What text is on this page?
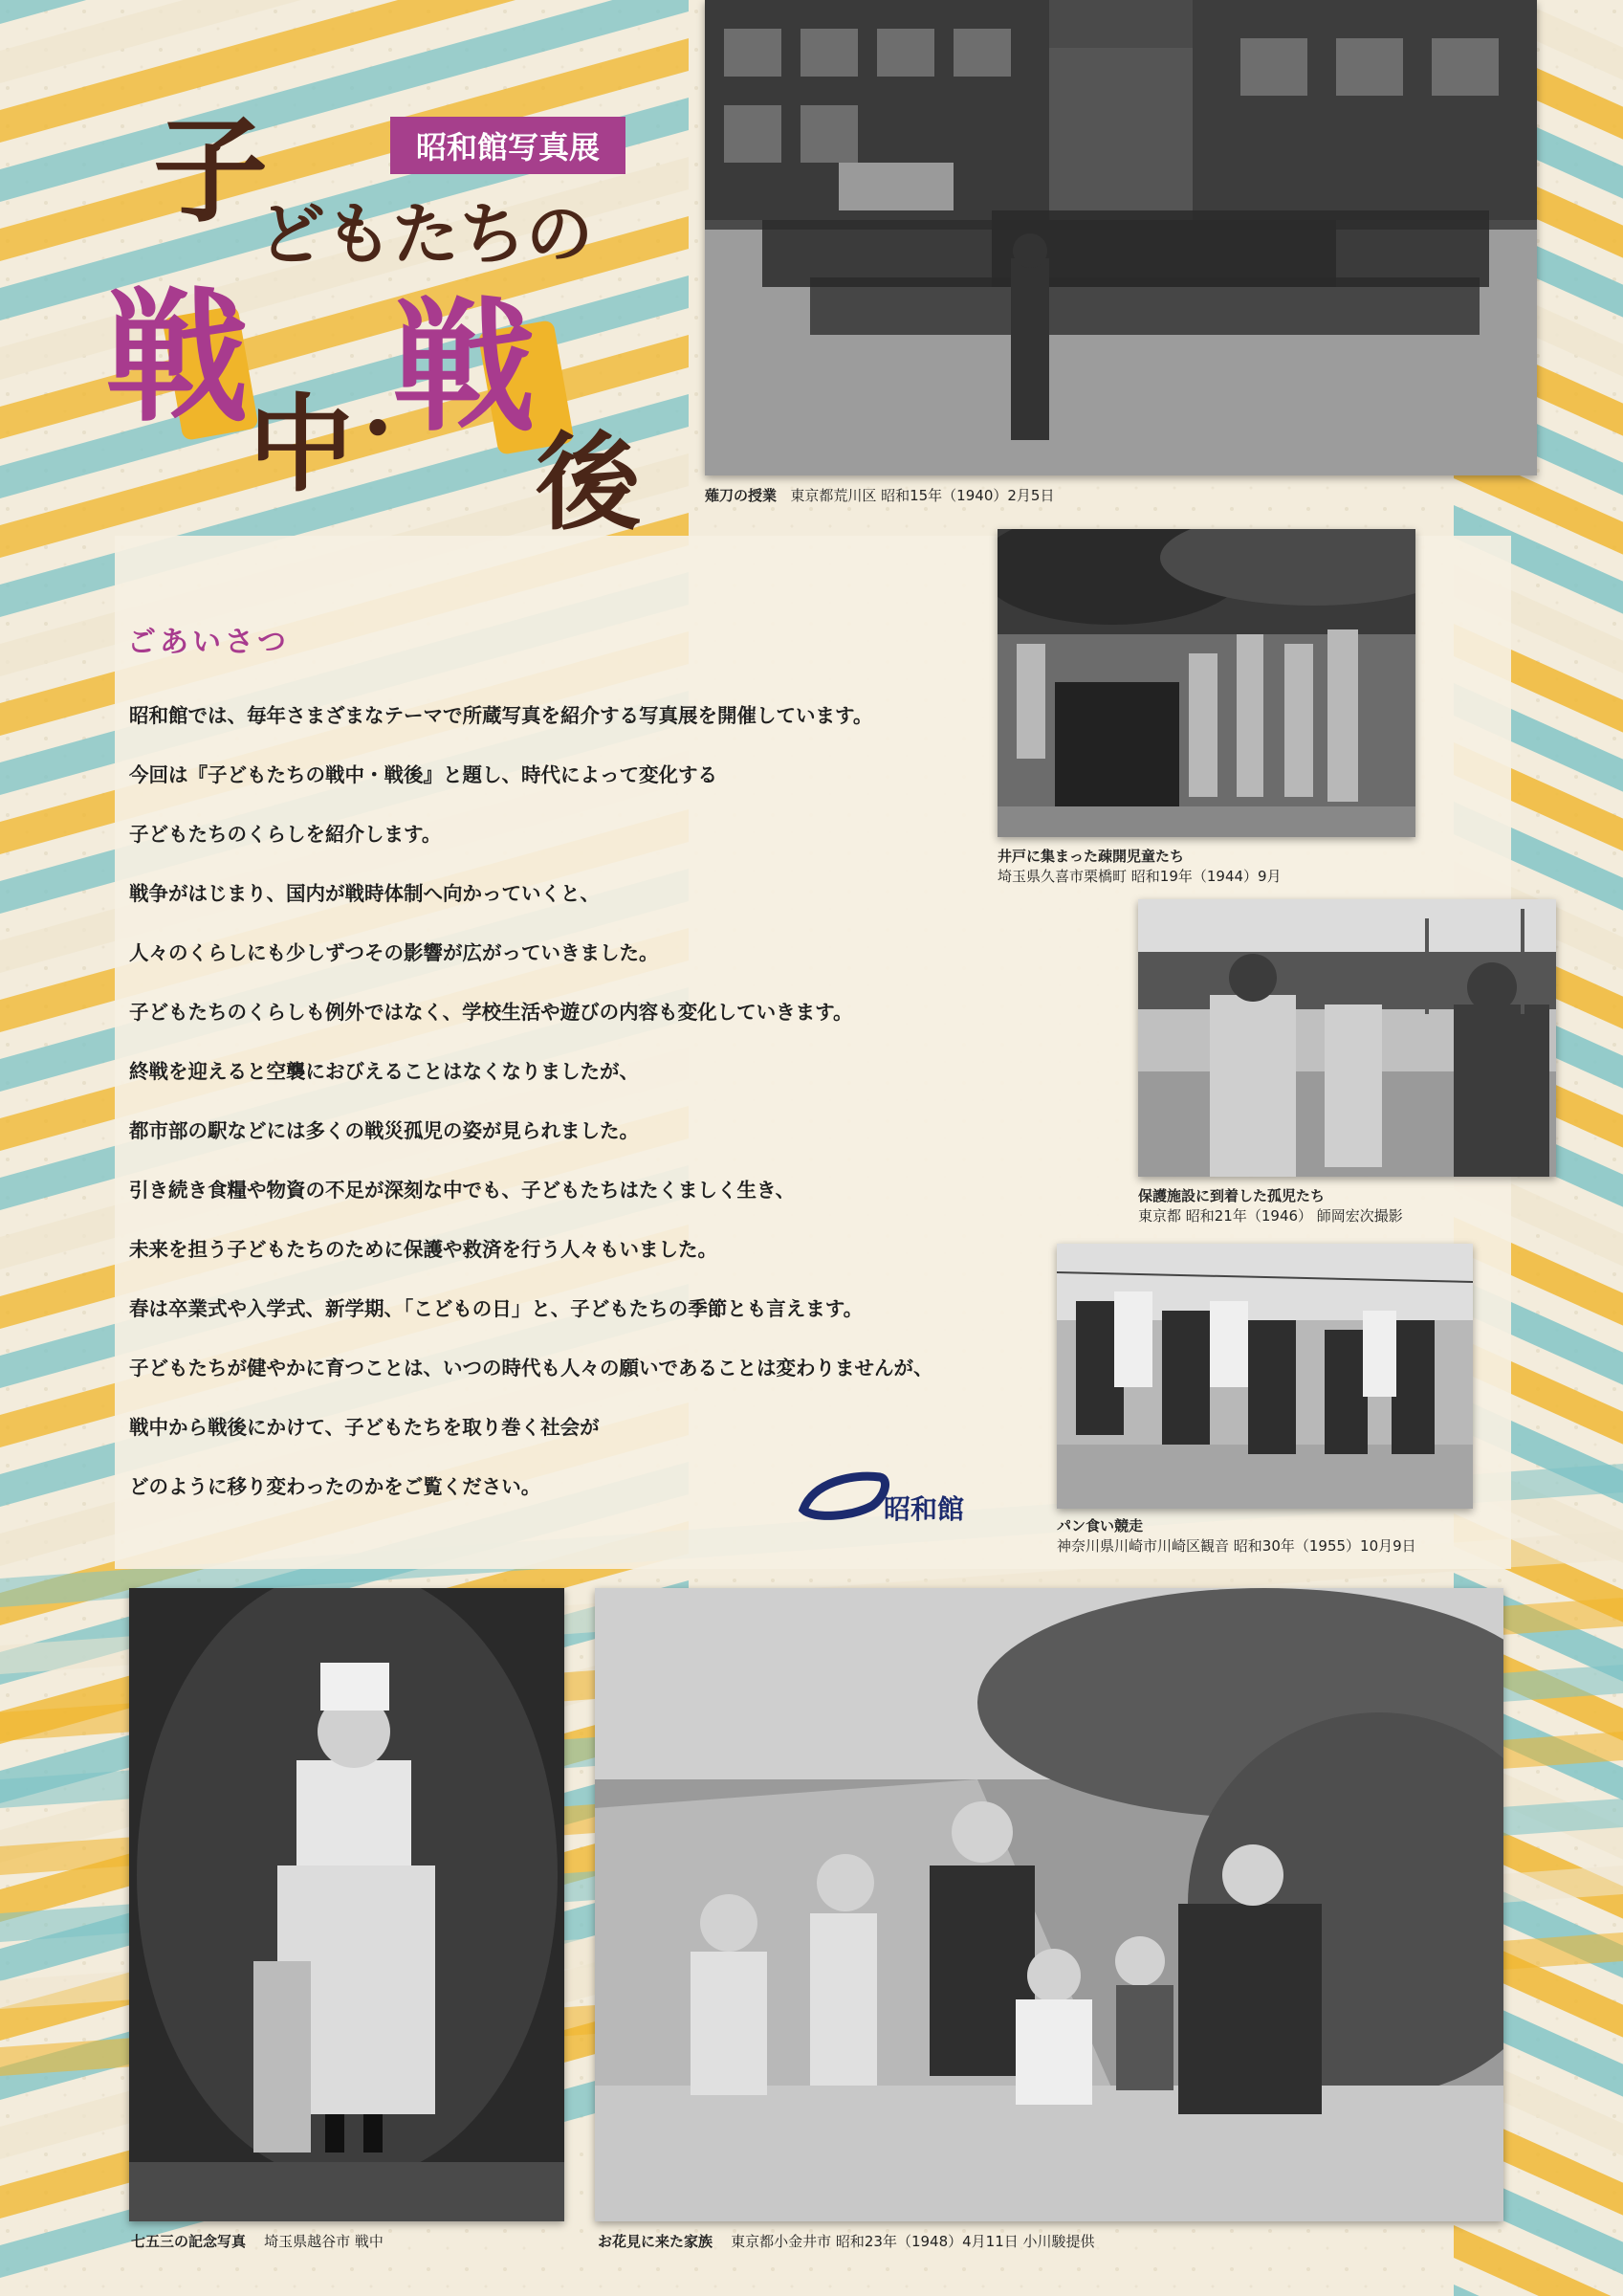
昭和館写真展
子
どもたちの
戦
中
・
戦
後	薙刀の授業 東京都荒川区 昭和15年（1940）2月5日
井戸に集まった疎開児童たち
埼玉県久喜市栗橋町 昭和19年（1944）9月
保護施設に到着した孤児たち
東京都 昭和21年（1946） 師岡宏次撮影
パン食い競走
神奈川県川崎市川崎区観音 昭和30年（1955）10月9日
ごあいさつ

昭和館では、毎年さまざまなテーマで所蔵写真を紹介する写真展を開催しています。

今回は『子どもたちの戦中・戦後』と題し、時代によって変化する

子どもたちのくらしを紹介します。

戦争がはじまり、国内が戦時体制へ向かっていくと、

人々のくらしにも少しずつその影響が広がっていきました。

子どもたちのくらしも例外ではなく、学校生活や遊びの内容も変化していきます。

終戦を迎えると空襲におびえることはなくなりましたが、

都市部の駅などには多くの戦災孤児の姿が見られました。

引き続き食糧や物資の不足が深刻な中でも、子どもたちはたくましく生き、

未来を担う子どもたちのために保護や救済を行う人々もいました。

春は卒業式や入学式、新学期、「こどもの日」と、子どもたちの季節とも言えます。

子どもたちが健やかに育つことは、いつの時代も人々の願いであることは変わりませんが、

戦中から戦後にかけて、子どもたちを取り巻く社会が

どのように移り変わったのかをご覧ください。

昭和館
七五三の記念写真 埼玉県越谷市 戦中	お花見に来た家族 東京都小金井市 昭和23年（1948）4月11日 小川駿提供
